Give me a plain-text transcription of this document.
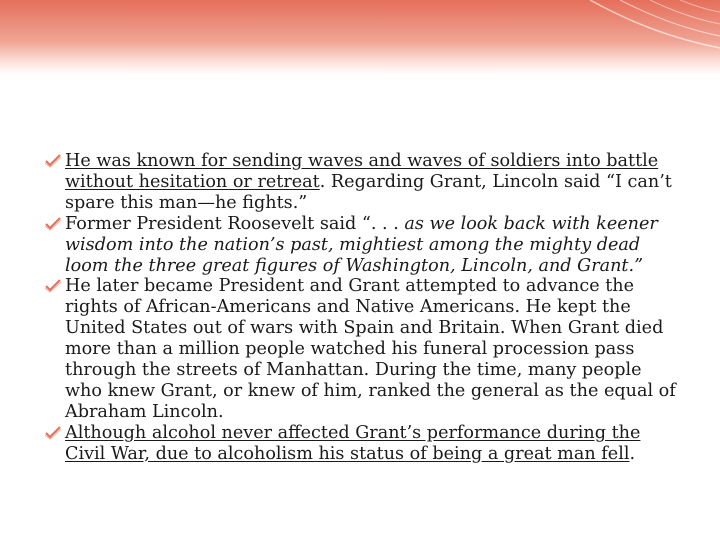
He was known for sending waves and waves of soldiers into battle without hesitation or retreat. Regarding Grant, Lincoln said “I can’t spare this man—he fights.”
Former President Roosevelt said “. . . as we look back with keener wisdom into the nation’s past, mightiest among the mighty dead loom the three great figures of Washington, Lincoln, and Grant.”
He later became President and Grant attempted to advance the rights of African-Americans and Native Americans. He kept the United States out of wars with Spain and Britain. When Grant died more than a million people watched his funeral procession pass through the streets of Manhattan. During the time, many people who knew Grant, or knew of him, ranked the general as the equal of Abraham Lincoln.
Although alcohol never affected Grant’s performance during the Civil War, due to alcoholism his status of being a great man fell.
